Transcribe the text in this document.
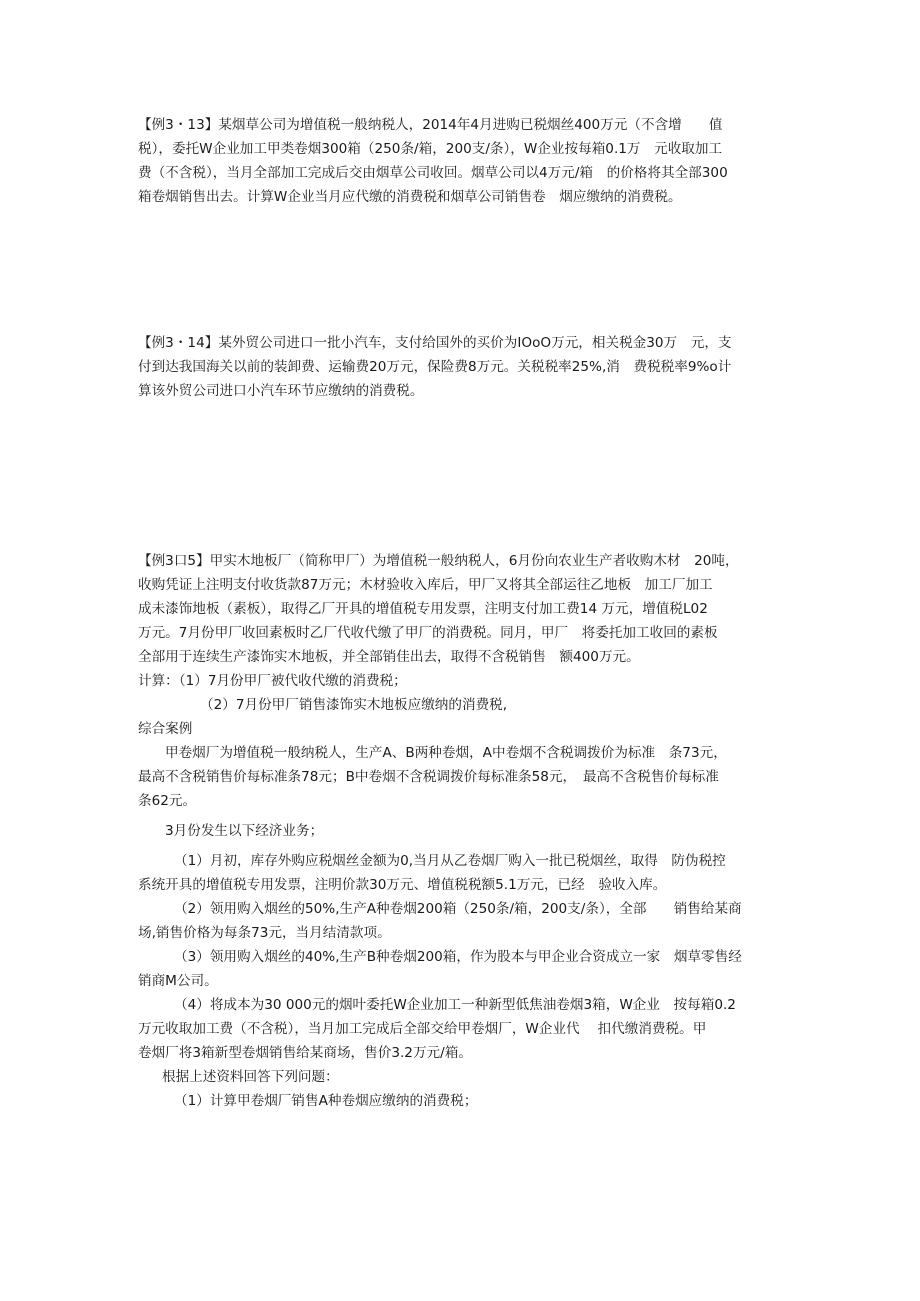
【例3・13】某烟草公司为增值税一般纳税人，2014年4月进购已税烟丝400万元（不含增　　值

税），委托W企业加工甲类卷烟300箱（250条/箱，200支/条），W企业按每箱0.1万　元收取加工

费（不含税），当月全部加工完成后交由烟草公司收回。烟草公司以4万元/箱　的价格将其全部300

箱卷烟销售出去。计算W企业当月应代缴的消费税和烟草公司销售卷　烟应缴纳的消费税。

【例3・14】某外贸公司进口一批小汽车，支付给国外的买价为IOoO万元，相关税金30万　元，支

付到达我国海关以前的装卸费、运输费20万元，保险费8万元。关税税率25%,消　费税税率9%o计

算该外贸公司进口小汽车环节应缴纳的消费税。

【例3口5】甲实木地板厂（简称甲厂）为增值税一般纳税人，6月份向农业生产者收购木材　20吨，

收购凭证上注明支付收货款87万元；木材验收入库后，甲厂又将其全部运往乙地板　加工厂加工

成未漆饰地板（素板），取得乙厂开具的增值税专用发票，注明支付加工费14 万元，增值税L02

万元。7月份甲厂收回素板时乙厂代收代缴了甲厂的消费税。同月，甲厂　将委托加工收回的素板

全部用于连续生产漆饰实木地板，并全部销佳出去，取得不含税销售　额400万元。

计算：（1）7月份甲厂被代收代缴的消费税；

（2）7月份甲厂销售漆饰实木地板应缴纳的消费税,

综合案例

甲卷烟厂为增值税一般纳税人，生产A、B两种卷烟，A中卷烟不含税调拨价为标准　条73元，

最高不含税销售价每标准条78元；B中卷烟不含税调拨价每标准条58元，　最高不含税售价每标准

条62元。

3月份发生以下经济业务；

（1）月初，库存外购应税烟丝金额为0,当月从乙卷烟厂购入一批已税烟丝，取得　防伪税控

系统开具的增值税专用发票，注明价款30万元、增值税税额5.1万元，已经　验收入库。

（2）领用购入烟丝的50%,生产A种卷烟200箱（250条/箱，200支/条），全部　　销售给某商

场,销售价格为每条73元，当月结清款项。

（3）领用购入烟丝的40%,生产B种卷烟200箱，作为股本与甲企业合资成立一家　烟草零售经

销商M公司。

（4）将成本为30 000元的烟叶委托W企业加工一种新型低焦油卷烟3箱，W企业　按每箱0.2

万元收取加工费（不含税），当月加工完成后全部交给甲卷烟厂，W企业代　 扣代缴消费税。甲

卷烟厂将3箱新型卷烟销售给某商场，售价3.2万元/箱。

根据上述资料回答下列问题：

（1）计算甲卷烟厂销售A种卷烟应缴纳的消费税；
